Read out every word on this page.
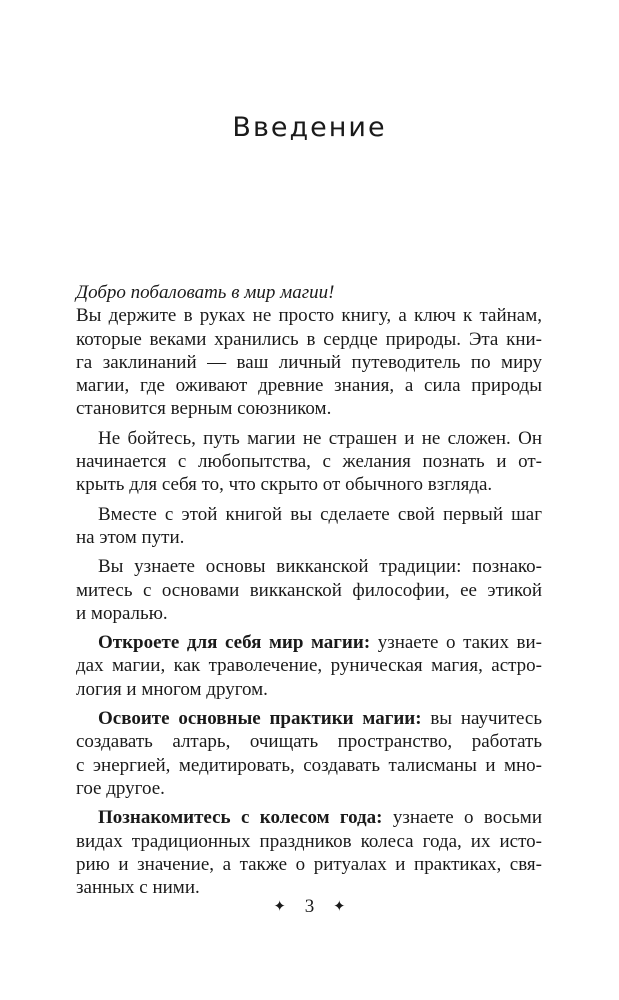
Введение
Добро побаловать в мир магии!
Вы держите в руках не просто книгу, а ключ к тайнам,
которые веками хранились в сердце природы. Эта кни-
га заклинаний — ваш личный путеводитель по миру
магии, где оживают древние знания, а сила природы
становится верным союзником.
Не бойтесь, путь магии не страшен и не сложен. Он
начинается с любопытства, с желания познать и от-
крыть для себя то, что скрыто от обычного взгляда.
Вместе с этой книгой вы сделаете свой первый шаг
на этом пути.
Вы узнаете основы викканской традиции: познако-
митесь с основами викканской философии, ее этикой
и моралью.
Откроете для себя мир магии: узнаете о таких ви-
дах магии, как траволечение, руническая магия, астро-
логия и многом другом.
Освоите основные практики магии: вы научитесь
создавать алтарь, очищать пространство, работать
с энергией, медитировать, создавать талисманы и мно-
гое другое.
Познакомитесь с колесом года: узнаете о восьми
видах традиционных праздников колеса года, их исто-
рию и значение, а также о ритуалах и практиках, свя-
занных с ними.
✦ 3 ✦
